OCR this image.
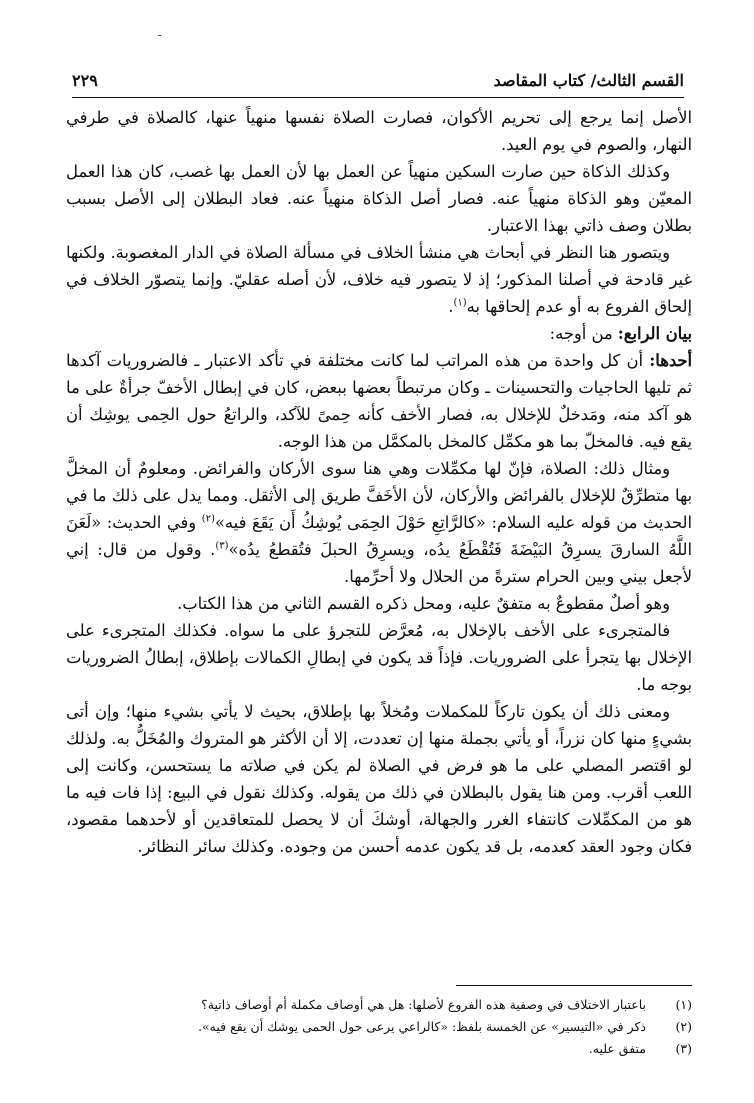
ـ
القسم الثالث/ كتاب المقاصد
٢٢٩

الأصل إنما يرجع إلى تحريم الأكوان، فصارت الصلاة نفسها منهياً عنها، كالصلاة في طرفي النهار، والصوم في يوم العيد.

وكذلك الذكاة حين صارت السكين منهياً عن العمل بها لأن العمل بها غصب، كان هذا العمل المعيّن وهو الذكاة منهياً عنه. فصار أصل الذكاة منهياً عنه. فعاد البطلان إلى الأصل بسبب بطلان وصف ذاتي بهذا الاعتبار.

ويتصور هنا النظر في أبحاث هي منشأ الخلاف في مسألة الصلاة في الدار المغصوبة. ولكنها غير قادحة في أصلنا المذكور؛ إذ لا يتصور فيه خلاف، لأن أصله عقليّ. وإنما يتصوّر الخلاف في إلحاق الفروع به أو عدم إلحاقها به$^{(١)}$.

بيان الرابع: من أوجه:

أحدها: أن كل واحدة من هذه المراتب لما كانت مختلفة في تأكد الاعتبار ـ فالضروريات آكدها ثم تليها الحاجيات والتحسينات ـ وكان مرتبطاً بعضها ببعض، كان في إبطال الأخفّ جرأةٌ على ما هو آكد منه، ومَدخلٌ للإخلال به، فصار الأخف كأنه حِمىً للآكد، والراتعُ حول الحِمى يوشِك أن يقع فيه. فالمخلّ بما هو مكمِّل كالمخل بالمكمَّل من هذا الوجه.

ومثال ذلك: الصلاة، فإنّ لها مكمِّلات وهي هنا سوى الأركان والفرائض. ومعلومٌ أن المخلَّ بها متطرِّقٌ للإخلال بالفرائض والأركان، لأن الأخَفَّ طريق إلى الأثقل. ومما يدل على ذلك ما في الحديث من قوله عليه السلام: «كالرَّاتِعِ حَوْلَ الحِمَى يُوشِكُ أَن يَقَعَ فيه»$^{(٢)}$ وفي الحديث: «لَعَنَ اللَّهُ السارقَ يسرِقُ البَيْضَةَ فَتُقْطَعُ يدُه، ويسرِقُ الحبلَ فتُقطعُ يدُه»$^{(٣)}$. وقول من قال: إني لأجعل بيني وبين الحرام سترةً من الحلال ولا أحرِّمها.

وهو أصلٌ مقطوعٌ به متفقٌ عليه، ومحل ذكره القسم الثاني من هذا الكتاب.

فالمتجرىء على الأخف بالإخلال به، مُعرَّض للتجرؤ على ما سواه. فكذلك المتجرىء على الإخلال بها يتجرأ على الضروريات. فإذاً قد يكون في إبطالِ الكمالات بإطلاق، إبطالُ الضروريات بوجه ما.

ومعنى ذلك أن يكون تاركاً للمكملات ومُخلاً بها بإطلاق، بحيث لا يأتي بشيء منها؛ وإن أتى بشيءٍ منها كان نزراً، أو يأتي بجملة منها إن تعددت، إلا أن الأكثر هو المتروك والمُخَلُّ به. ولذلك لو اقتصر المصلي على ما هو فرض في الصلاة لم يكن في صلاته ما يستحسن، وكانت إلى اللعب أقرب. ومن هنا يقول بالبطلان في ذلك من يقوله. وكذلك نقول في البيع: إذا فات فيه ما هو من المكمِّلات كانتفاء الغرر والجهالة، أوشكَ أن لا يحصل للمتعاقدين أو لأحدهما مقصود، فكان وجود العقد كعدمه، بل قد يكون عدمه أحسن من وجوده. وكذلك سائر النظائر.

(١)
باعتبار الاختلاف في وصفية هذه الفروع لأصلها: هل هي أوصاف مكملة أم أوصاف ذاتية؟
(٢)
ذكر في «التيسير» عن الخمسة بلفظ: «كالراعي يرعى حول الحمى يوشك أن يقع فيه».
(٣)
متفق عليه.
